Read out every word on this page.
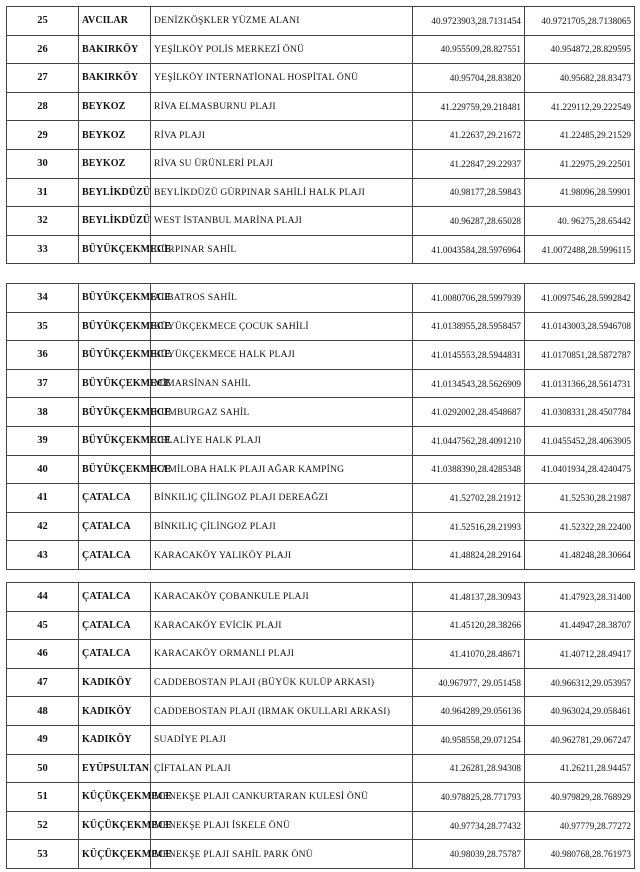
25	AVCILAR	DENİZKÖŞKLER YÜZME ALANI	40.9723903,28.7131454	40.9721705,28.7138065
26	BAKIRKÖY	YEŞİLKÖY POLİS MERKEZİ ÖNÜ	40.955509,28.827551	40.954872,28.829595
27	BAKIRKÖY	YEŞİLKÖY INTERNATİONAL HOSPİTAL ÖNÜ	40.95704,28.83820	40.95682,28.83473
28	BEYKOZ	RİVA ELMASBURNU PLAJI	41.229759,29.218481	41.229112,29.222549
29	BEYKOZ	RİVA PLAJI	41.22637,29.21672	41.22485,29.21529
30	BEYKOZ	RİVA SU ÜRÜNLERİ PLAJI	41.22847,29.22937	41.22975,29.22501
31	BEYLİKDÜZÜ	BEYLİKDÜZÜ GÜRPINAR SAHİLİ HALK PLAJI	40.98177,28.59843	41.98096,28.59901
32	BEYLİKDÜZÜ	WEST İSTANBUL MARİNA PLAJI	40.96287,28.65028	40. 96275,28.65442
33	BÜYÜKÇEKMECE	GÜRPINAR SAHİL	41.0043584,28.5976964	41.0072488,28.5996115
34	BÜYÜKÇEKMECE	ALBATROS SAHİL	41.0080706,28.5997939	41.0097546,28.5992842
35	BÜYÜKÇEKMECE	BÜYÜKÇEKMECE ÇOCUK SAHİLİ	41.0138955,28.5958457	41.0143003,28.5946708
36	BÜYÜKÇEKMECE	BÜYÜKÇEKMECE HALK PLAJI	41.0145553,28.5944831	41.0170851,28.5872787
37	BÜYÜKÇEKMECE	MİMARSİNAN SAHİL	41.0134543,28.5626909	41.0131366,28.5614731
38	BÜYÜKÇEKMECE	KUMBURGAZ SAHİL	41.0292002,28.4548687	41.0308331,28.4507784
39	BÜYÜKÇEKMECE	CELALİYE HALK PLAJI	41.0447562,28.4091210	41.0455452,28.4063905
40	BÜYÜKÇEKMECE	KAMİLOBA HALK PLAJI AĞAR KAMPİNG	41.0388390,28.4285348	41.0401934,28.4240475
41	ÇATALCA	BİNKILIÇ ÇİLİNGOZ PLAJI DEREAĞZI	41.52702,28.21912	41.52530,28.21987
42	ÇATALCA	BİNKILIÇ ÇİLİNGOZ PLAJI	41.52516,28.21993	41.52322,28.22400
43	ÇATALCA	KARACAKÖY YALIKÖY PLAJI	41.48824,28.29164	41.48248,28.30664
44	ÇATALCA	KARACAKÖY ÇOBANKULE PLAJI	41.48137,28.30943	41.47923,28.31400
45	ÇATALCA	KARACAKÖY EVİCİK PLAJI	41.45120,28.38266	41.44947,28.38707
46	ÇATALCA	KARACAKÖY ORMANLI PLAJI	41.41070,28.48671	41.40712,28.49417
47	KADIKÖY	CADDEBOSTAN PLAJI (BÜYÜK KULÜP ARKASI)	40.967977, 29.051458	40.966312,29.053957
48	KADIKÖY	CADDEBOSTAN PLAJI (IRMAK OKULLARI ARKASI)	40.964289,29.056136	40.963024,29.058461
49	KADIKÖY	SUADİYE PLAJI	40.958558,29.071254	40.962781,29.067247
50	EYÜPSULTAN	ÇİFTALAN PLAJI	41.26281,28.94308	41.26211,28.94457
51	KÜÇÜKÇEKMECE	MENEKŞE PLAJI CANKURTARAN KULESİ ÖNÜ	40.978825,28.771793	40.979829,28.768929
52	KÜÇÜKÇEKMECE	MENEKŞE PLAJI İSKELE ÖNÜ	40.97734,28.77432	40.97779,28.77272
53	KÜÇÜKÇEKMECE	MENEKŞE PLAJI SAHİL PARK ÖNÜ	40.98039,28.75787	40.980768,28.761973
